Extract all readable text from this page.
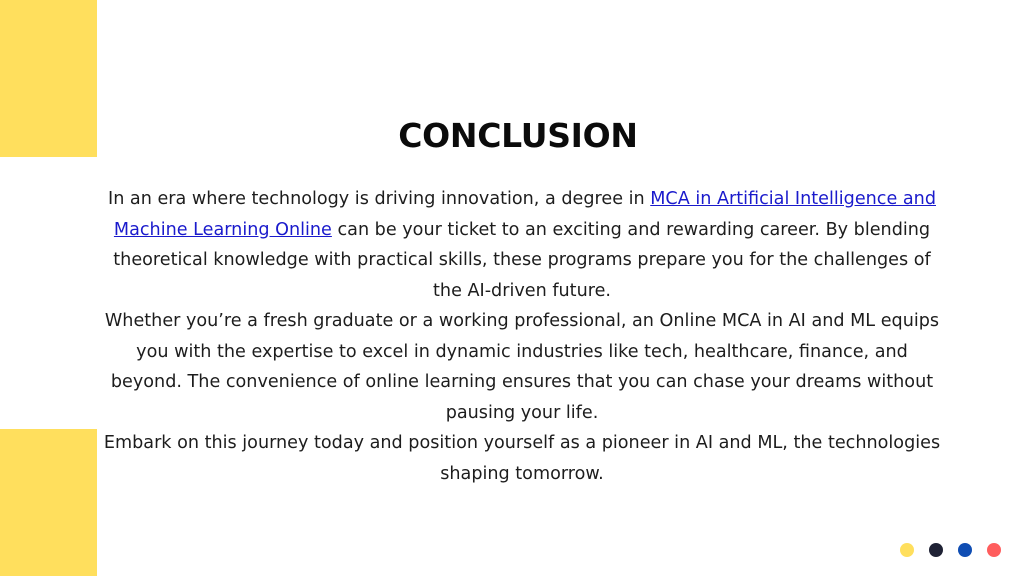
CONCLUSION

In an era where technology is driving innovation, a degree in MCA in Artificial Intelligence and Machine Learning Online can be your ticket to an exciting and rewarding career. By blending theoretical knowledge with practical skills, these programs prepare you for the challenges of the AI-driven future.

Whether you’re a fresh graduate or a working professional, an Online MCA in AI and ML equips you with the expertise to excel in dynamic industries like tech, healthcare, finance, and beyond. The convenience of online learning ensures that you can chase your dreams without pausing your life.

Embark on this journey today and position yourself as a pioneer in AI and ML, the technologies shaping tomorrow.
